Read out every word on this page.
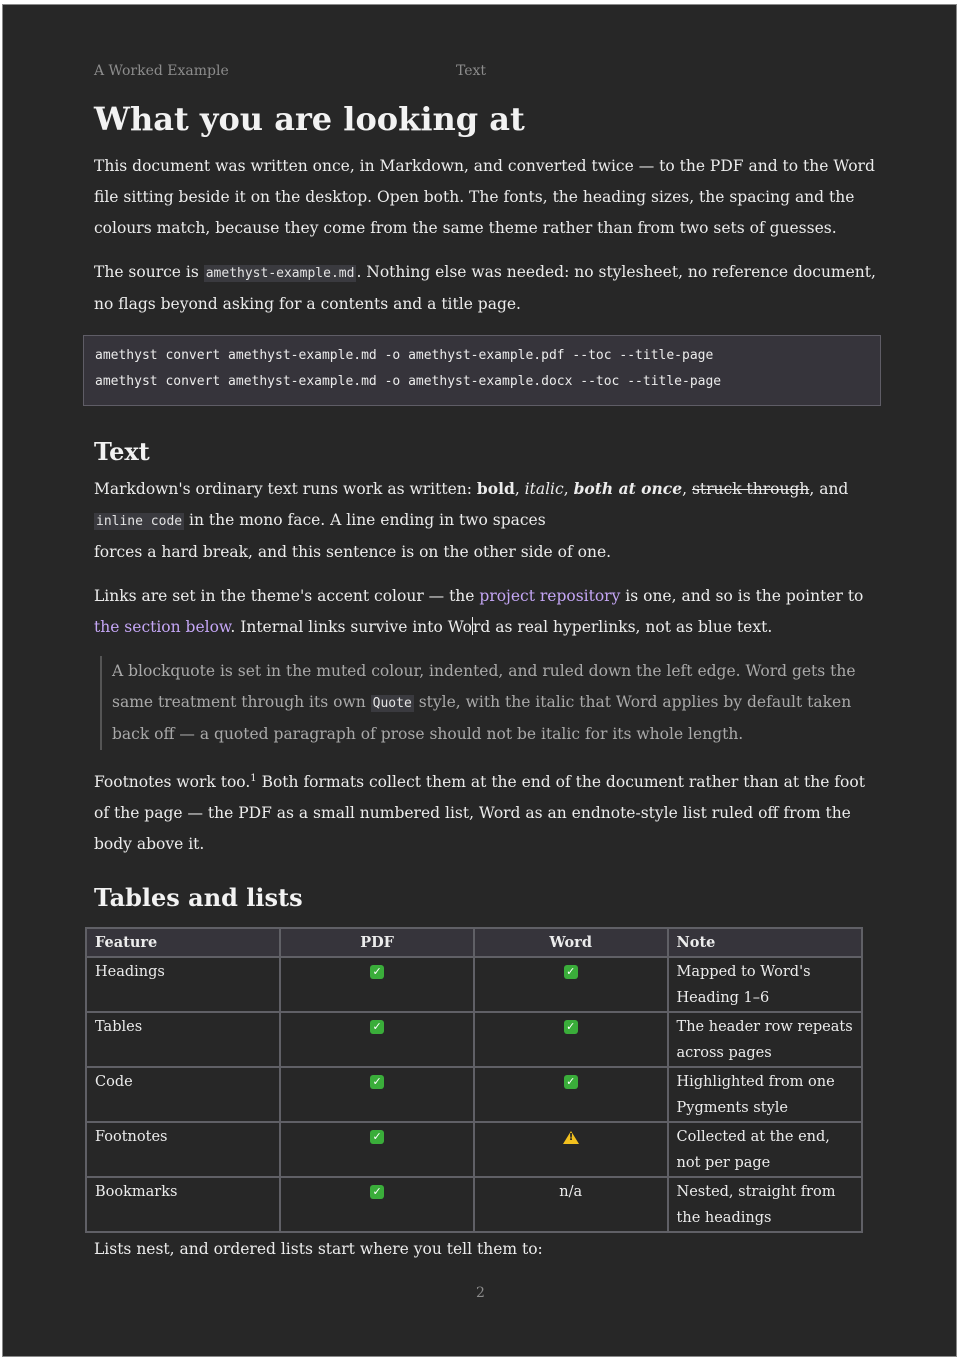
A Worked Example	Text
What you are looking at

This document was written once, in Markdown, and converted twice — to the PDF and to the Word file sitting beside it on the desktop. Open both. The fonts, the heading sizes, the spacing and the colours match, because they come from the same theme rather than from two sets of guesses.

The source is amethyst-example.md . Nothing else was needed: no stylesheet, no reference document, no flags beyond asking for a contents and a title page.

amethyst convert amethyst-example.md -o amethyst-example.pdf --toc --title-page
amethyst convert amethyst-example.md -o amethyst-example.docx --toc --title-page
Text

Markdown's ordinary text runs work as written: bold, italic, both at once, struck through, and inline code in the mono face. A line ending in two spaces
forces a hard break, and this sentence is on the other side of one.

Links are set in the theme's accent colour — the project repository is one, and so is the pointer to the section below. Internal links survive into Word as real hyperlinks, not as blue text.

A blockquote is set in the muted colour, indented, and ruled down the left edge. Word gets the same treatment through its own Quote style, with the italic that Word applies by default taken back off — a quoted paragraph of prose should not be italic for its whole length.

Footnotes work too.$^1$ Both formats collect them at the end of the document rather than at the foot of the page — the PDF as a small numbered list, Word as an endnote-style list ruled off from the body above it.

Tables and lists
Feature	PDF	Word	Note
Headings	✓	✓	Mapped to Word's Heading 1–6
Tables	✓	✓	The header row repeats across pages
Code	✓	✓	Highlighted from one Pygments style
Footnotes	✓	!	Collected at the end, not per page
Bookmarks	✓	n/a	Nested, straight from the headings

Lists nest, and ordered lists start where you tell them to:

2
